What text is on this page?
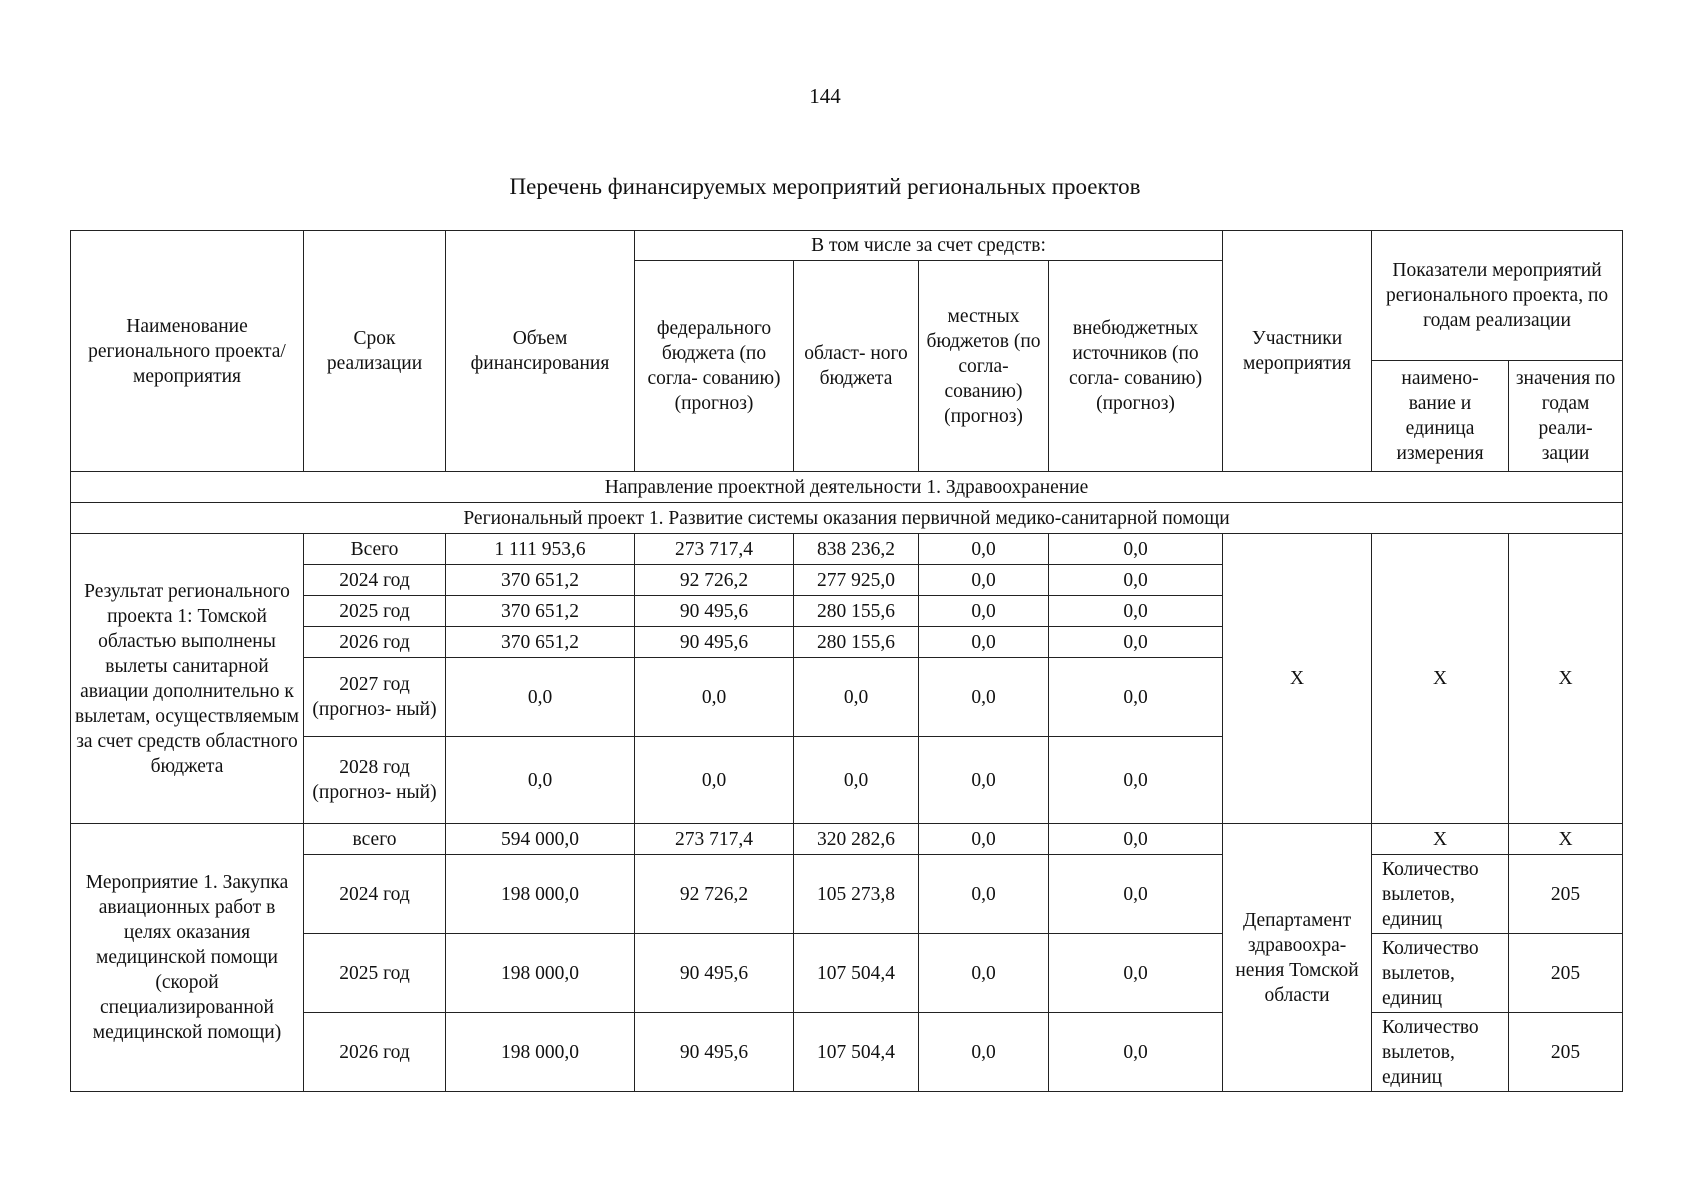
144
Перечень финансируемых мероприятий региональных проектов
Наименование регионального проекта/ мероприятия	Срок реализации	Объем финансирования	В том числе за счет средств:				Участники мероприятия	Показатели мероприятий регионального проекта, по годам реализации	
			федерального бюджета (по согла- сованию) (прогноз)	област- ного бюджета	местных бюджетов (по согла- сованию) (прогноз)	внебюджетных источников (по согла- сованию) (прогноз)			
								наимено- вание и единица измерения	значения по годам реали- зации
Направление проектной деятельности 1. Здравоохранение									
Региональный проект 1. Развитие системы оказания первичной медико-санитарной помощи									
Результат регионального проекта 1: Томской областью выполнены вылеты санитарной авиации дополнительно к вылетам, осуществляемым за счет средств областного бюджета	Всего	1 111 953,6	273 717,4	838 236,2	0,0	0,0	X	X	X
	2024 год	370 651,2	92 726,2	277 925,0	0,0	0,0			
	2025 год	370 651,2	90 495,6	280 155,6	0,0	0,0			
	2026 год	370 651,2	90 495,6	280 155,6	0,0	0,0			
	2027 год (прогноз- ный)	0,0	0,0	0,0	0,0	0,0			
	2028 год (прогноз- ный)	0,0	0,0	0,0	0,0	0,0			
Мероприятие 1. Закупка авиационных работ в целях оказания медицинской помощи (скорой специализированной медицинской помощи)	всего	594 000,0	273 717,4	320 282,6	0,0	0,0	Департамент здравоохра- нения Томской области	X	X
	2024 год	198 000,0	92 726,2	105 273,8	0,0	0,0		Количество вылетов, единиц	205
	2025 год	198 000,0	90 495,6	107 504,4	0,0	0,0		Количество вылетов, единиц	205
	2026 год	198 000,0	90 495,6	107 504,4	0,0	0,0		Количество вылетов, единиц	205
